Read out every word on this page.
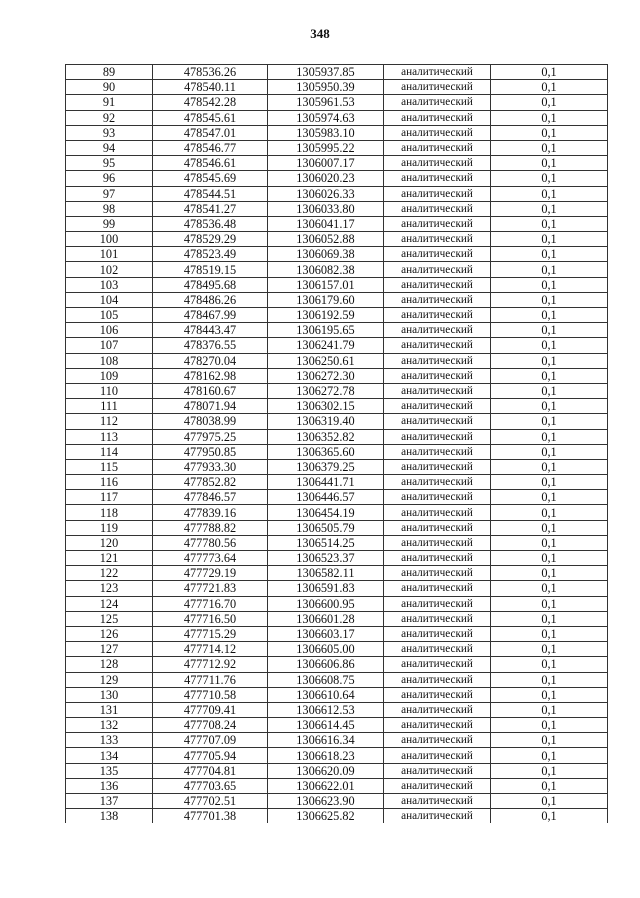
348
89	478536.26	1305937.85	аналитический	0,1
90	478540.11	1305950.39	аналитический	0,1
91	478542.28	1305961.53	аналитический	0,1
92	478545.61	1305974.63	аналитический	0,1
93	478547.01	1305983.10	аналитический	0,1
94	478546.77	1305995.22	аналитический	0,1
95	478546.61	1306007.17	аналитический	0,1
96	478545.69	1306020.23	аналитический	0,1
97	478544.51	1306026.33	аналитический	0,1
98	478541.27	1306033.80	аналитический	0,1
99	478536.48	1306041.17	аналитический	0,1
100	478529.29	1306052.88	аналитический	0,1
101	478523.49	1306069.38	аналитический	0,1
102	478519.15	1306082.38	аналитический	0,1
103	478495.68	1306157.01	аналитический	0,1
104	478486.26	1306179.60	аналитический	0,1
105	478467.99	1306192.59	аналитический	0,1
106	478443.47	1306195.65	аналитический	0,1
107	478376.55	1306241.79	аналитический	0,1
108	478270.04	1306250.61	аналитический	0,1
109	478162.98	1306272.30	аналитический	0,1
110	478160.67	1306272.78	аналитический	0,1
111	478071.94	1306302.15	аналитический	0,1
112	478038.99	1306319.40	аналитический	0,1
113	477975.25	1306352.82	аналитический	0,1
114	477950.85	1306365.60	аналитический	0,1
115	477933.30	1306379.25	аналитический	0,1
116	477852.82	1306441.71	аналитический	0,1
117	477846.57	1306446.57	аналитический	0,1
118	477839.16	1306454.19	аналитический	0,1
119	477788.82	1306505.79	аналитический	0,1
120	477780.56	1306514.25	аналитический	0,1
121	477773.64	1306523.37	аналитический	0,1
122	477729.19	1306582.11	аналитический	0,1
123	477721.83	1306591.83	аналитический	0,1
124	477716.70	1306600.95	аналитический	0,1
125	477716.50	1306601.28	аналитический	0,1
126	477715.29	1306603.17	аналитический	0,1
127	477714.12	1306605.00	аналитический	0,1
128	477712.92	1306606.86	аналитический	0,1
129	477711.76	1306608.75	аналитический	0,1
130	477710.58	1306610.64	аналитический	0,1
131	477709.41	1306612.53	аналитический	0,1
132	477708.24	1306614.45	аналитический	0,1
133	477707.09	1306616.34	аналитический	0,1
134	477705.94	1306618.23	аналитический	0,1
135	477704.81	1306620.09	аналитический	0,1
136	477703.65	1306622.01	аналитический	0,1
137	477702.51	1306623.90	аналитический	0,1
138	477701.38	1306625.82	аналитический	0,1
